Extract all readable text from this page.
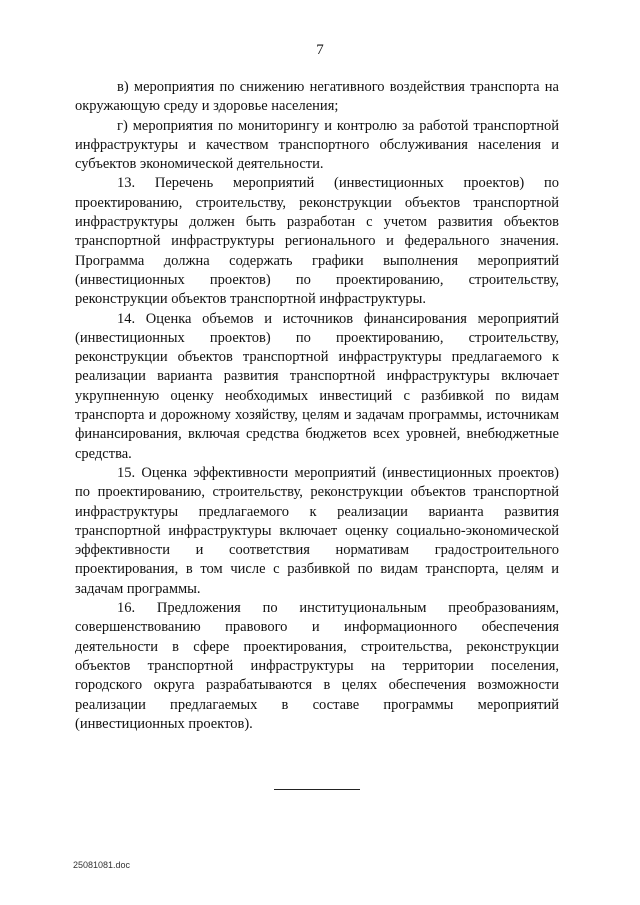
7

в) мероприятия по снижению негативного воздействия транспорта на окружающую среду и здоровье населения;

г) мероприятия по мониторингу и контролю за работой транспортной инфраструктуры и качеством транспортного обслуживания населения и субъектов экономической деятельности.

13. Перечень мероприятий (инвестиционных проектов) по проектированию, строительству, реконструкции объектов транспортной инфраструктуры должен быть разработан с учетом развития объектов транспортной инфраструктуры регионального и федерального значения. Программа должна содержать графики выполнения мероприятий (инвестиционных проектов) по проектированию, строительству, реконструкции объектов транспортной инфраструктуры.

14. Оценка объемов и источников финансирования мероприятий (инвестиционных проектов) по проектированию, строительству, реконструкции объектов транспортной инфраструктуры предлагаемого к реализации варианта развития транспортной инфраструктуры включает укрупненную оценку необходимых инвестиций с разбивкой по видам транспорта и дорожному хозяйству, целям и задачам программы, источникам финансирования, включая средства бюджетов всех уровней, внебюджетные средства.

15. Оценка эффективности мероприятий (инвестиционных проектов) по проектированию, строительству, реконструкции объектов транспортной инфраструктуры предлагаемого к реализации варианта развития транспортной инфраструктуры включает оценку социально-экономической эффективности и соответствия нормативам градостроительного проектирования, в том числе с разбивкой по видам транспорта, целям и задачам программы.

16. Предложения по институциональным преобразованиям, совершенствованию правового и информационного обеспечения деятельности в сфере проектирования, строительства, реконструкции объектов транспортной инфраструктуры на территории поселения, городского округа разрабатываются в целях обеспечения возможности реализации предлагаемых в составе программы мероприятий (инвестиционных проектов).

25081081.doc
